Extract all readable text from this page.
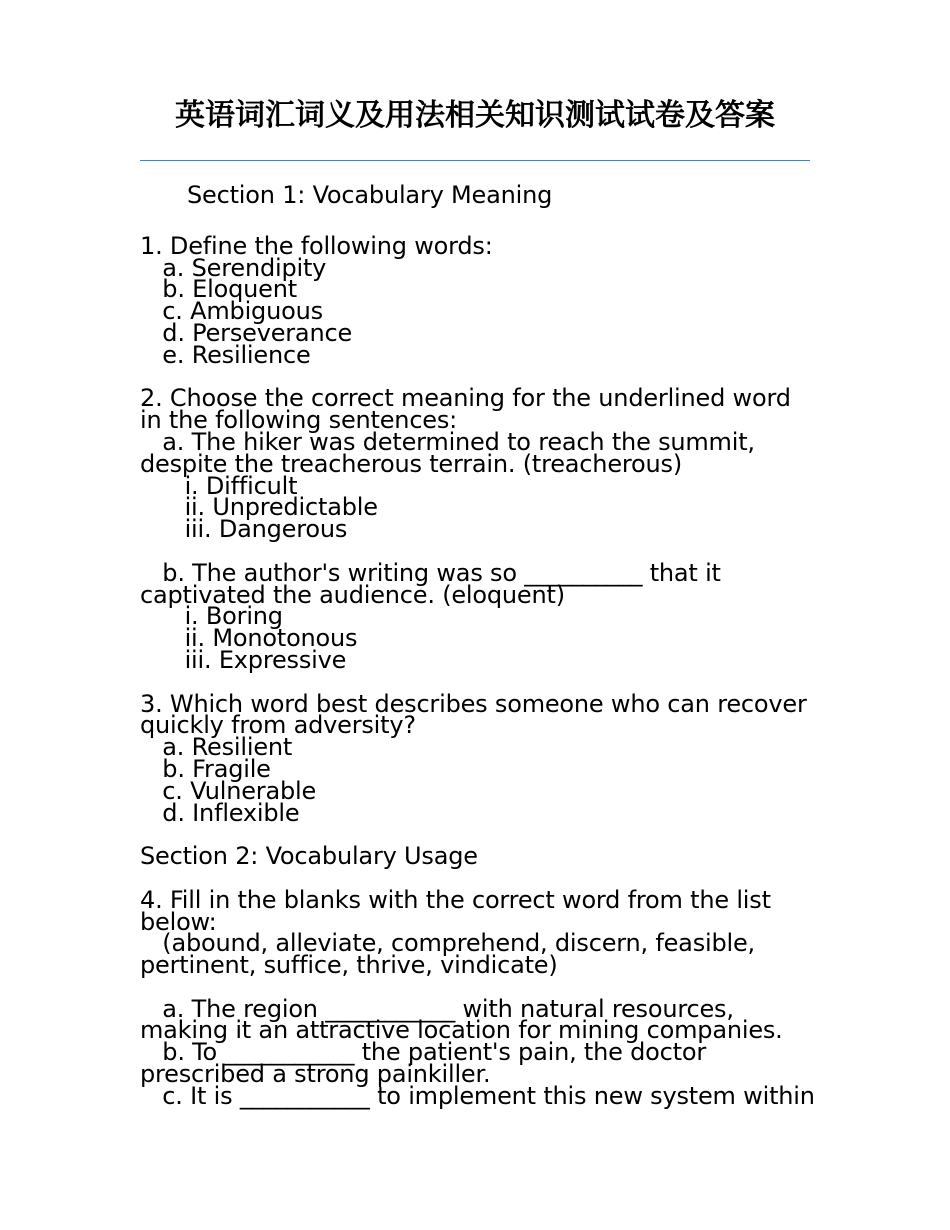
英语词汇词义及用法相关知识测试试卷及答案
Section 1: Vocabulary Meaning
1. Define the following words:
a. Serendipity
b. Eloquent
c. Ambiguous
d. Perseverance
e. Resilience
2. Choose the correct meaning for the underlined word
in the following sentences:
a. The hiker was determined to reach the summit,
despite the treacherous terrain. (treacherous)
i. Difficult
ii. Unpredictable
iii. Dangerous
b. The author's writing was so __________ that it
captivated the audience. (eloquent)
i. Boring
ii. Monotonous
iii. Expressive
3. Which word best describes someone who can recover
quickly from adversity?
a. Resilient
b. Fragile
c. Vulnerable
d. Inflexible
Section 2: Vocabulary Usage
4. Fill in the blanks with the correct word from the list
below:
(abound, alleviate, comprehend, discern, feasible,
pertinent, suffice, thrive, vindicate)
a. The region ___________ with natural resources,
making it an attractive location for mining companies.
b. To ___________ the patient's pain, the doctor
prescribed a strong painkiller.
c. It is ___________ to implement this new system within
